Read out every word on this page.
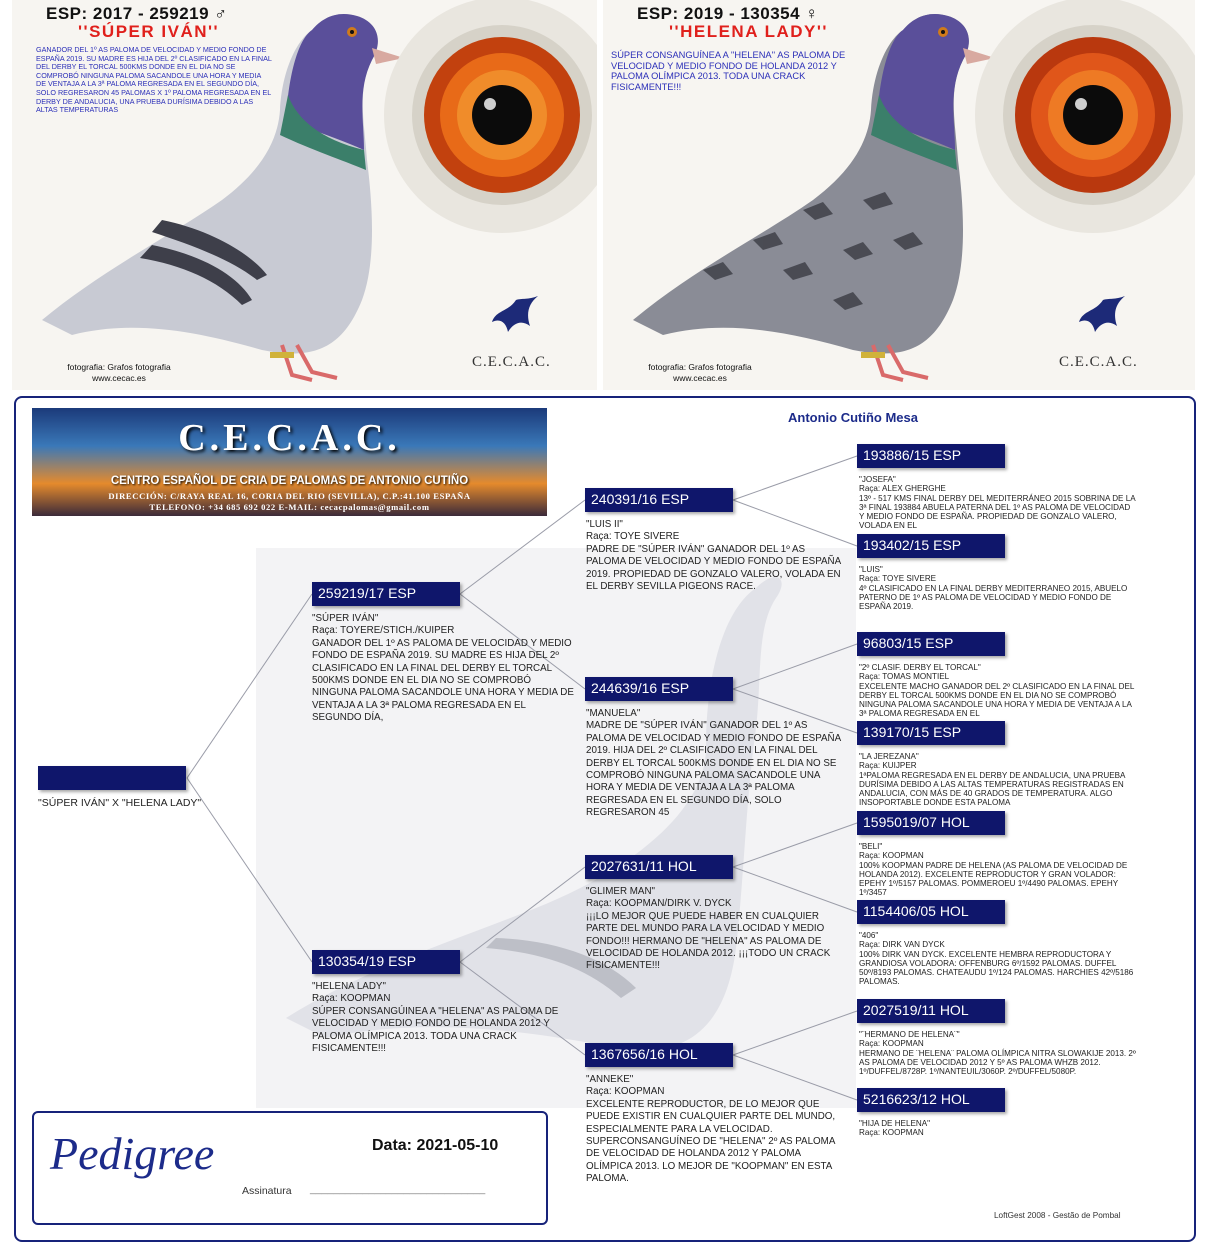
ESP: 2017 - 259219 ♂
''SÚPER IVÁN''
GANADOR DEL 1º AS PALOMA DE VELOCIDAD Y MEDIO FONDO DE ESPAÑA 2019. SU MADRE ES HIJA DEL 2º CLASIFICADO EN LA FINAL DEL DERBY EL TORCAL 500KMS DONDE EN EL DIA NO SE COMPROBÓ NINGUNA PALOMA SACANDOLE UNA HORA Y MEDIA DE VENTAJA A LA 3ª PALOMA REGRESADA EN EL SEGUNDO DÍA, SOLO REGRESARON 45 PALOMAS X 1º PALOMA REGRESADA EN EL DERBY DE ANDALUCIA, UNA PRUEBA DURÍSIMA DEBIDO A LAS ALTAS TEMPERATURAS
fotografia: Grafos fotografia
www.cecac.es
C.E.C.A.C.
ESP: 2019 - 130354 ♀
''HELENA LADY''
SÚPER CONSANGUÍNEA A ''HELENA'' AS PALOMA DE VELOCIDAD Y MEDIO FONDO DE HOLANDA 2012 Y PALOMA OLÍMPICA 2013. TODA UNA CRACK FISICAMENTE!!!
fotografia: Grafos fotografia
www.cecac.es
C.E.C.A.C.
C.E.C.A.C.
CENTRO ESPAÑOL DE CRIA DE PALOMAS DE ANTONIO CUTIÑO
DIRECCIÓN: C/RAYA REAL 16, CORIA DEL RIO (SEVILLA), C.P.:41.100 ESPAÑA
TELEFONO: +34 685 692 022 E-MAIL: cecacpalomas@gmail.com
Antonio Cutiño Mesa
"SÚPER IVÁN" X "HELENA LADY"
259219/17 ESP
"SÚPER IVÁN"
Raça: TOYERE/STICH./KUIPER
GANADOR DEL 1º AS PALOMA DE VELOCIDAD Y MEDIO FONDO DE ESPAÑA 2019. SU MADRE ES HIJA DEL 2º CLASIFICADO EN LA FINAL DEL DERBY EL TORCAL 500KMS DONDE EN EL DIA NO SE COMPROBÓ NINGUNA PALOMA SACANDOLE UNA HORA Y MEDIA DE VENTAJA A LA 3ª PALOMA REGRESADA EN EL SEGUNDO DÍA,
130354/19 ESP
"HELENA LADY"
Raça: KOOPMAN
SÚPER CONSANGÚINEA A "HELENA" AS PALOMA DE VELOCIDAD Y MEDIO FONDO DE HOLANDA 2012 Y PALOMA OLÍMPICA 2013. TODA UNA CRACK FISICAMENTE!!!
240391/16 ESP
"LUIS II"
Raça: TOYE SIVERE
PADRE DE "SÚPER IVÁN" GANADOR DEL 1º AS PALOMA DE VELOCIDAD Y MEDIO FONDO DE ESPAÑA 2019. PROPIEDAD DE GONZALO VALERO, VOLADA EN EL DERBY SEVILLA PIGEONS RACE.
244639/16 ESP
"MANUELA"
MADRE DE "SÚPER IVÁN" GANADOR DEL 1º AS PALOMA DE VELOCIDAD Y MEDIO FONDO DE ESPAÑA 2019. HIJA DEL 2º CLASIFICADO EN LA FINAL DEL DERBY EL TORCAL 500KMS DONDE EN EL DIA NO SE COMPROBÓ NINGUNA PALOMA SACANDOLE UNA HORA Y MEDIA DE VENTAJA A LA 3ª PALOMA REGRESADA EN EL SEGUNDO DÍA, SOLO REGRESARON 45
2027631/11 HOL
"GLIMER MAN"
Raça: KOOPMAN/DIRK V. DYCK
¡¡¡LO MEJOR QUE PUEDE HABER EN CUALQUIER PARTE DEL MUNDO PARA LA VELOCIDAD Y MEDIO FONDO!!! HERMANO DE "HELENA" AS PALOMA DE VELOCIDAD DE HOLANDA 2012. ¡¡¡TODO UN CRACK FISICAMENTE!!!
1367656/16 HOL
"ANNEKE"
Raça: KOOPMAN
EXCELENTE REPRODUCTOR, DE LO MEJOR QUE PUEDE EXISTIR EN CUALQUIER PARTE DEL MUNDO, ESPECIALMENTE PARA LA VELOCIDAD. SUPERCONSANGUÍNEO DE "HELENA" 2º AS PALOMA DE VELOCIDAD DE HOLANDA 2012 Y PALOMA OLÍMPICA 2013. LO MEJOR DE "KOOPMAN" EN ESTA PALOMA.
193886/15 ESP
"JOSEFA"
Raça: ALEX GHERGHE
13º - 517 KMS FINAL DERBY DEL MEDITERRÁNEO 2015 SOBRINA DE LA 3ª FINAL 193884 ABUELA PATERNA DEL 1º AS PALOMA DE VELOCIDAD Y MEDIO FONDO DE ESPAÑA. PROPIEDAD DE GONZALO VALERO, VOLADA EN EL
193402/15 ESP
"LUIS"
Raça: TOYE SIVERE
4º CLASIFICADO EN LA FINAL DERBY MEDITERRANEO 2015, ABUELO PATERNO DE 1º AS PALOMA DE VELOCIDAD Y MEDIO FONDO DE ESPAÑA 2019.
96803/15 ESP
"2º CLASIF. DERBY EL TORCAL"
Raça: TOMAS MONTIEL
EXCELENTE MACHO GANADOR DEL 2º CLASIFICADO EN LA FINAL DEL DERBY EL TORCAL 500KMS DONDE EN EL DIA NO SE COMPROBÓ NINGUNA PALOMA SACANDOLE UNA HORA Y MEDIA DE VENTAJA A LA 3ª PALOMA REGRESADA EN EL
139170/15 ESP
"LA JEREZANA"
Raça: KUIJPER
1ªPALOMA REGRESADA EN EL DERBY DE ANDALUCIA, UNA PRUEBA DURÍSIMA DEBIDO A LAS ALTAS TEMPERATURAS REGISTRADAS EN ANDALUCIA, CON MÁS DE 40 GRADOS DE TEMPERATURA. ALGO INSOPORTABLE DONDE ESTA PALOMA
1595019/07 HOL
"BELI"
Raça: KOOPMAN
100% KOOPMAN PADRE DE HELENA (AS PALOMA DE VELOCIDAD DE HOLANDA 2012). EXCELENTE REPRODUCTOR Y GRAN VOLADOR: EPEHY 1º/5157 PALOMAS. POMMEROEU 1º/4490 PALOMAS. EPEHY 1º/3457
1154406/05 HOL
"406"
Raça: DIRK VAN DYCK
100% DIRK VAN DYCK. EXCELENTE HEMBRA REPRODUCTORA Y GRANDIOSA VOLADORA: OFFENBURG 6º/1592 PALOMAS. DUFFEL 50º/8193 PALOMAS. CHATEAUDU 1º/124 PALOMAS. HARCHIES 42º/5186 PALOMAS.
2027519/11 HOL
"¨HERMANO DE HELENA¨"
Raça: KOOPMAN
HERMANO DE ¨HELENA¨ PALOMA OLÍMPICA NITRA SLOWAKIJE 2013. 2º AS PALOMA DE VELOCIDAD 2012 Y 5º AS PALOMA WHZB 2012. 1º/DUFFEL/8728P. 1º/NANTEUIL/3060P. 2º/DUFFEL/5080P.
5216623/12 HOL
"HIJA DE HELENA"
Raça: KOOPMAN
Pedigree	Data: 2021-05-10
Assinatura ______________________________
LoftGest 2008 - Gestão de Pombal
